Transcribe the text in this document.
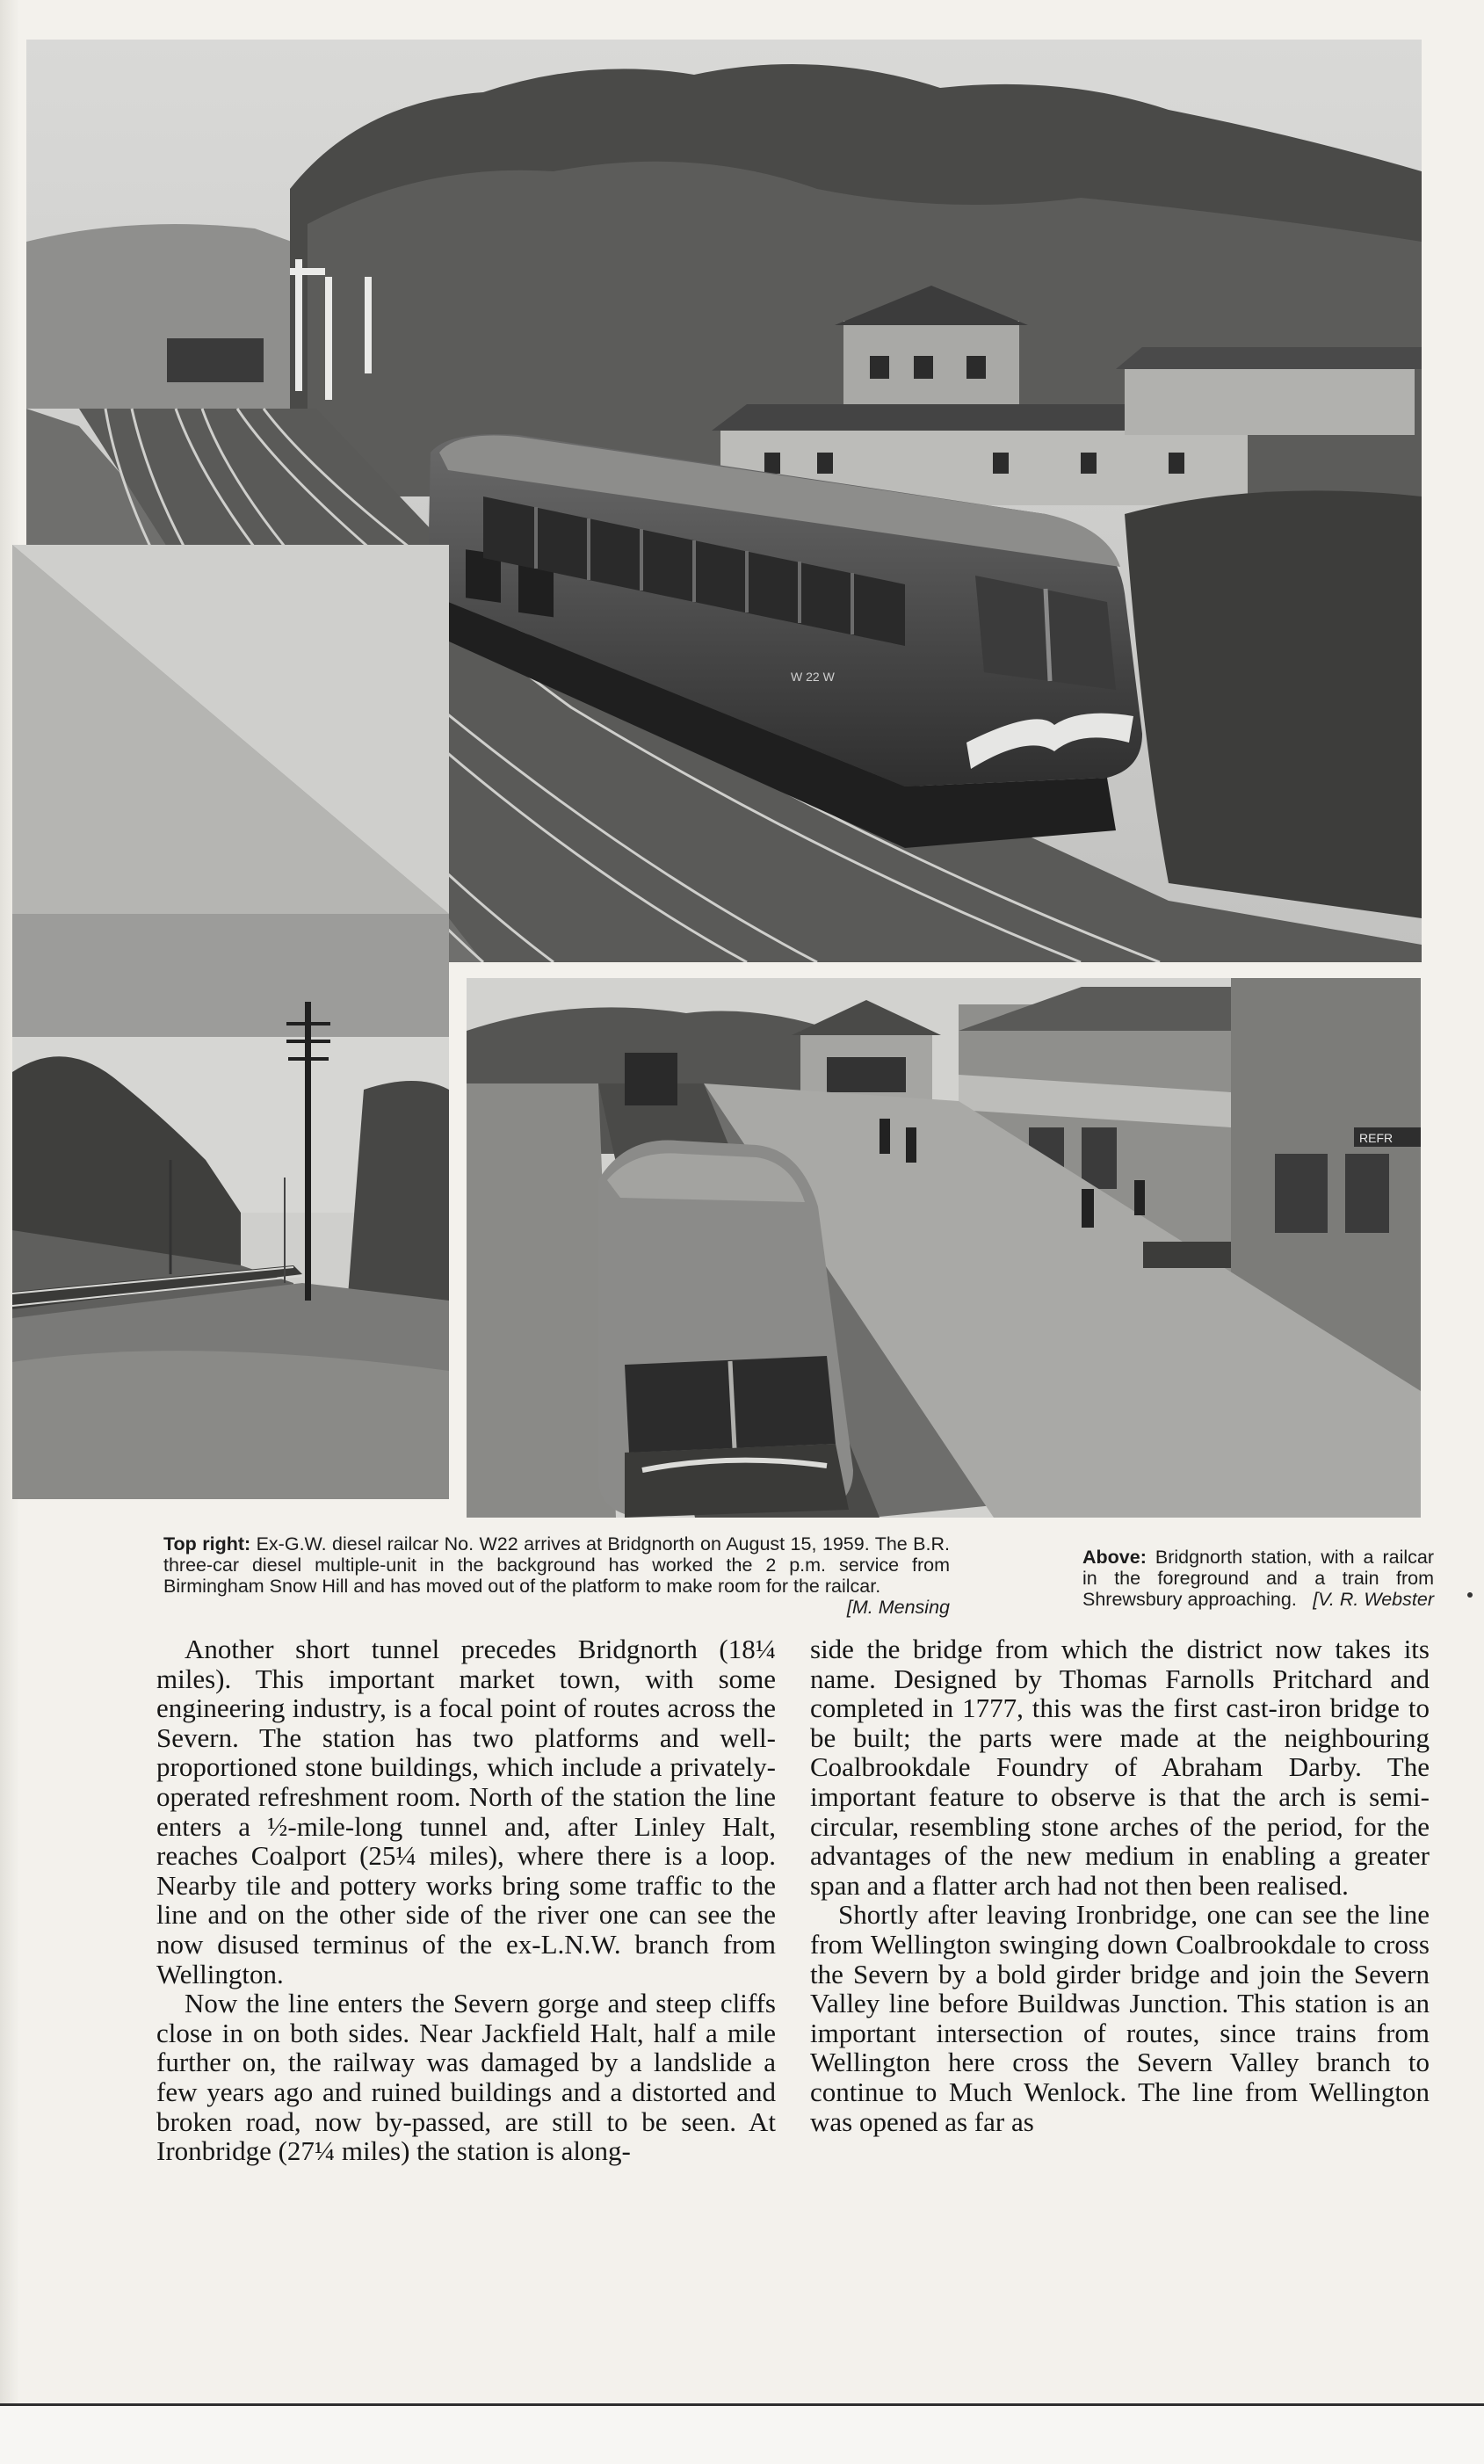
W 22 W
REFR
Top right: Ex-G.W. diesel railcar No. W22 arrives at Bridgnorth on August 15, 1959. The B.R. three-car diesel multiple-unit in the background has worked the 2 p.m. service from Birmingham Snow Hill and has moved out of the platform to make room for the railcar.
[M. Mensing
Above: Bridgnorth station, with a railcar in the foreground and a train from Shrewsbury approaching. [V. R. Webster

Another short tunnel precedes Bridgnorth (18¼ miles). This important market town, with some engineering industry, is a focal point of routes across the Severn. The station has two platforms and well-proportioned stone buildings, which include a privately-operated refreshment room. North of the station the line enters a ½-mile-long tunnel and, after Linley Halt, reaches Coalport (25¼ miles), where there is a loop. Nearby tile and pottery works bring some traffic to the line and on the other side of the river one can see the now disused terminus of the ex-L.N.W. branch from Wellington.

Now the line enters the Severn gorge and steep cliffs close in on both sides. Near Jackfield Halt, half a mile further on, the railway was damaged by a landslide a few years ago and ruined buildings and a distorted and broken road, now by-passed, are still to be seen. At Ironbridge (27¼ miles) the station is along-

side the bridge from which the district now takes its name. Designed by Thomas Farnolls Pritchard and completed in 1777, this was the first cast-iron bridge to be built; the parts were made at the neighbouring Coalbrookdale Foundry of Abraham Darby. The important feature to observe is that the arch is semi-circular, resembling stone arches of the period, for the advantages of the new medium in enabling a greater span and a flatter arch had not then been realised.

Shortly after leaving Ironbridge, one can see the line from Wellington swinging down Coalbrookdale to cross the Severn by a bold girder bridge and join the Severn Valley line before Buildwas Junction. This station is an important intersection of routes, since trains from Wellington here cross the Severn Valley branch to continue to Much Wenlock. The line from Wellington was opened as far as
